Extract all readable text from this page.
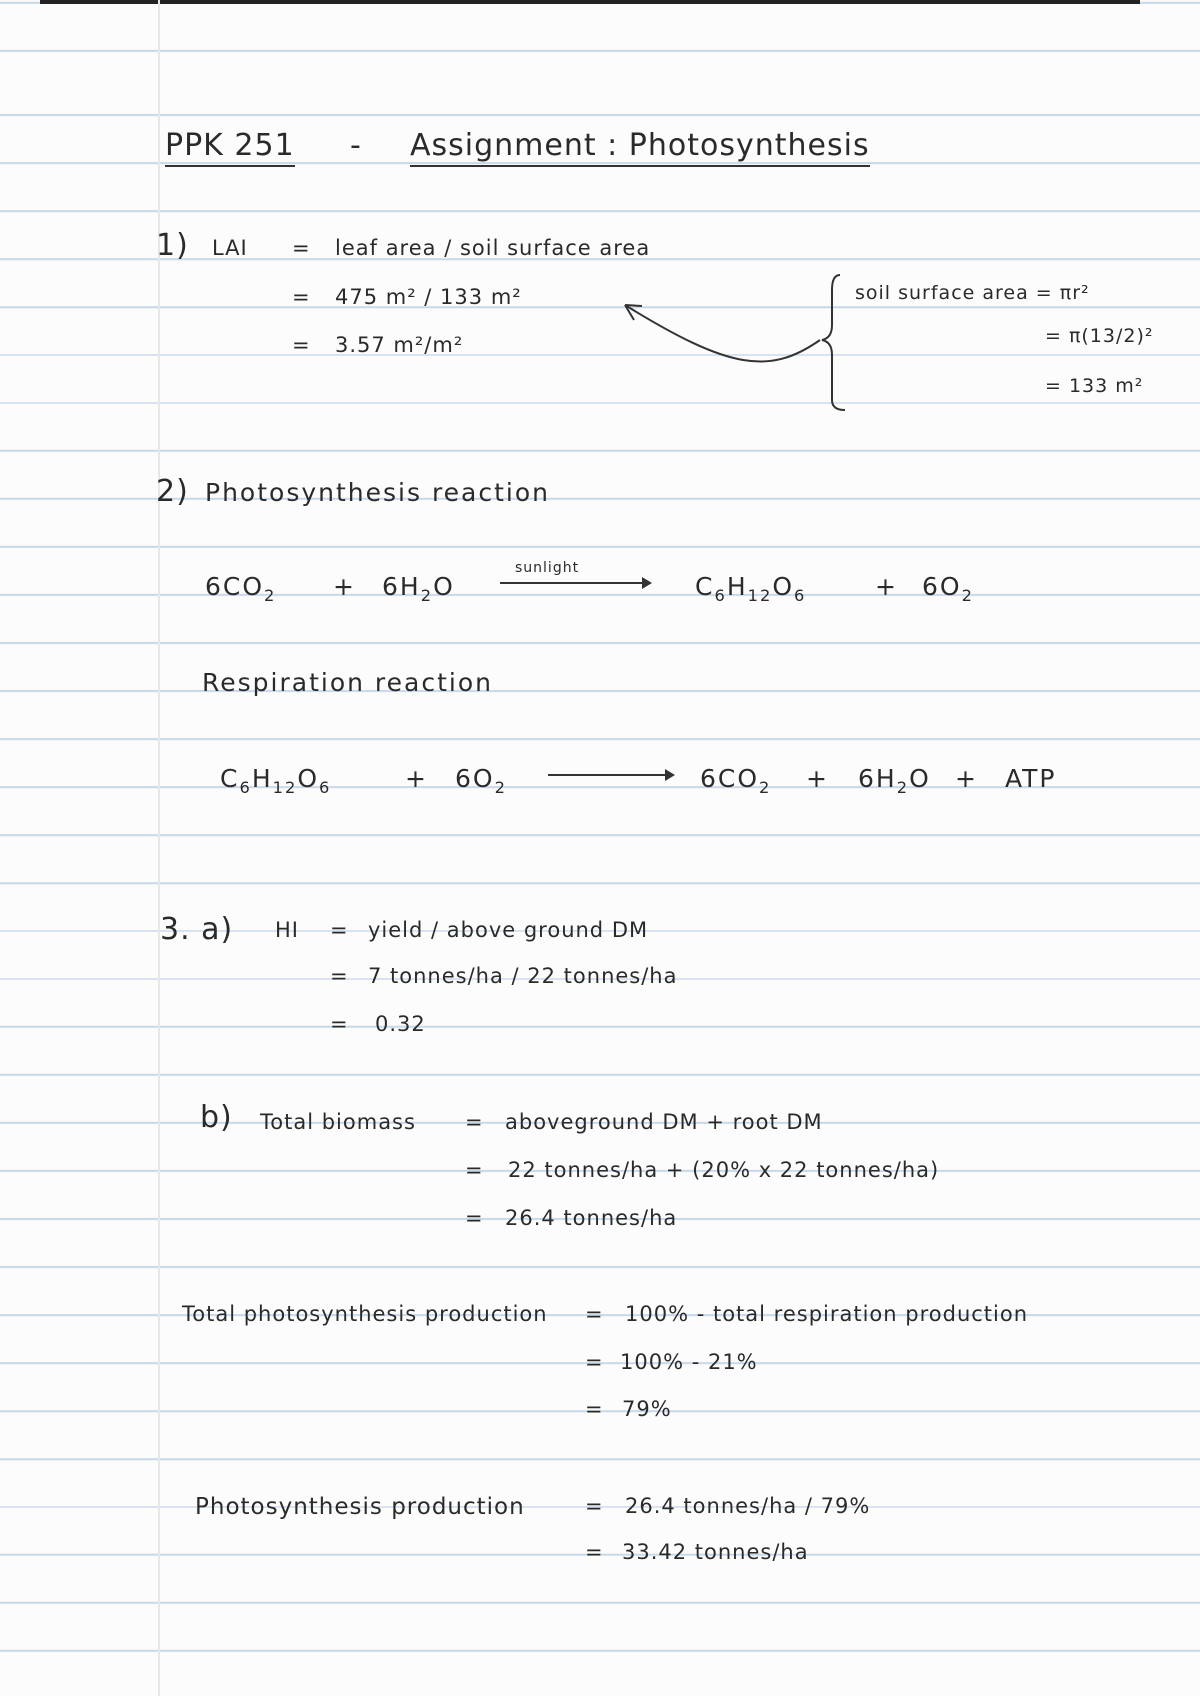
PPK 251 - Assignment : Photosynthesis
1) LAI = leaf area / soil surface area
= 475 m² / 133 m²
= 3.57 m²/m²
soil surface area = πr²
= π(13/2)²
= 133 m²
2) Photosynthesis reaction
$6CO_2 + 6H_2O$
sunlight
$C_6H_{12}O_6$	+ $6O_2$
Respiration reaction
$C_6H_{12}O_6$	+ $6O_2$	$6CO_2 + 6H_2O$ + ATP
3. a) HI = yield / above ground DM
= 7 tonnes/ha / 22 tonnes/ha
= 0.32
b) Total biomass = aboveground DM + root DM
= 22 tonnes/ha + (20% x 22 tonnes/ha)
= 26.4 tonnes/ha
Total photosynthesis production = 100% - total respiration production
= 100% - 21%
= 79%
Photosynthesis production	= 26.4 tonnes/ha / 79%
= 33.42 tonnes/ha
